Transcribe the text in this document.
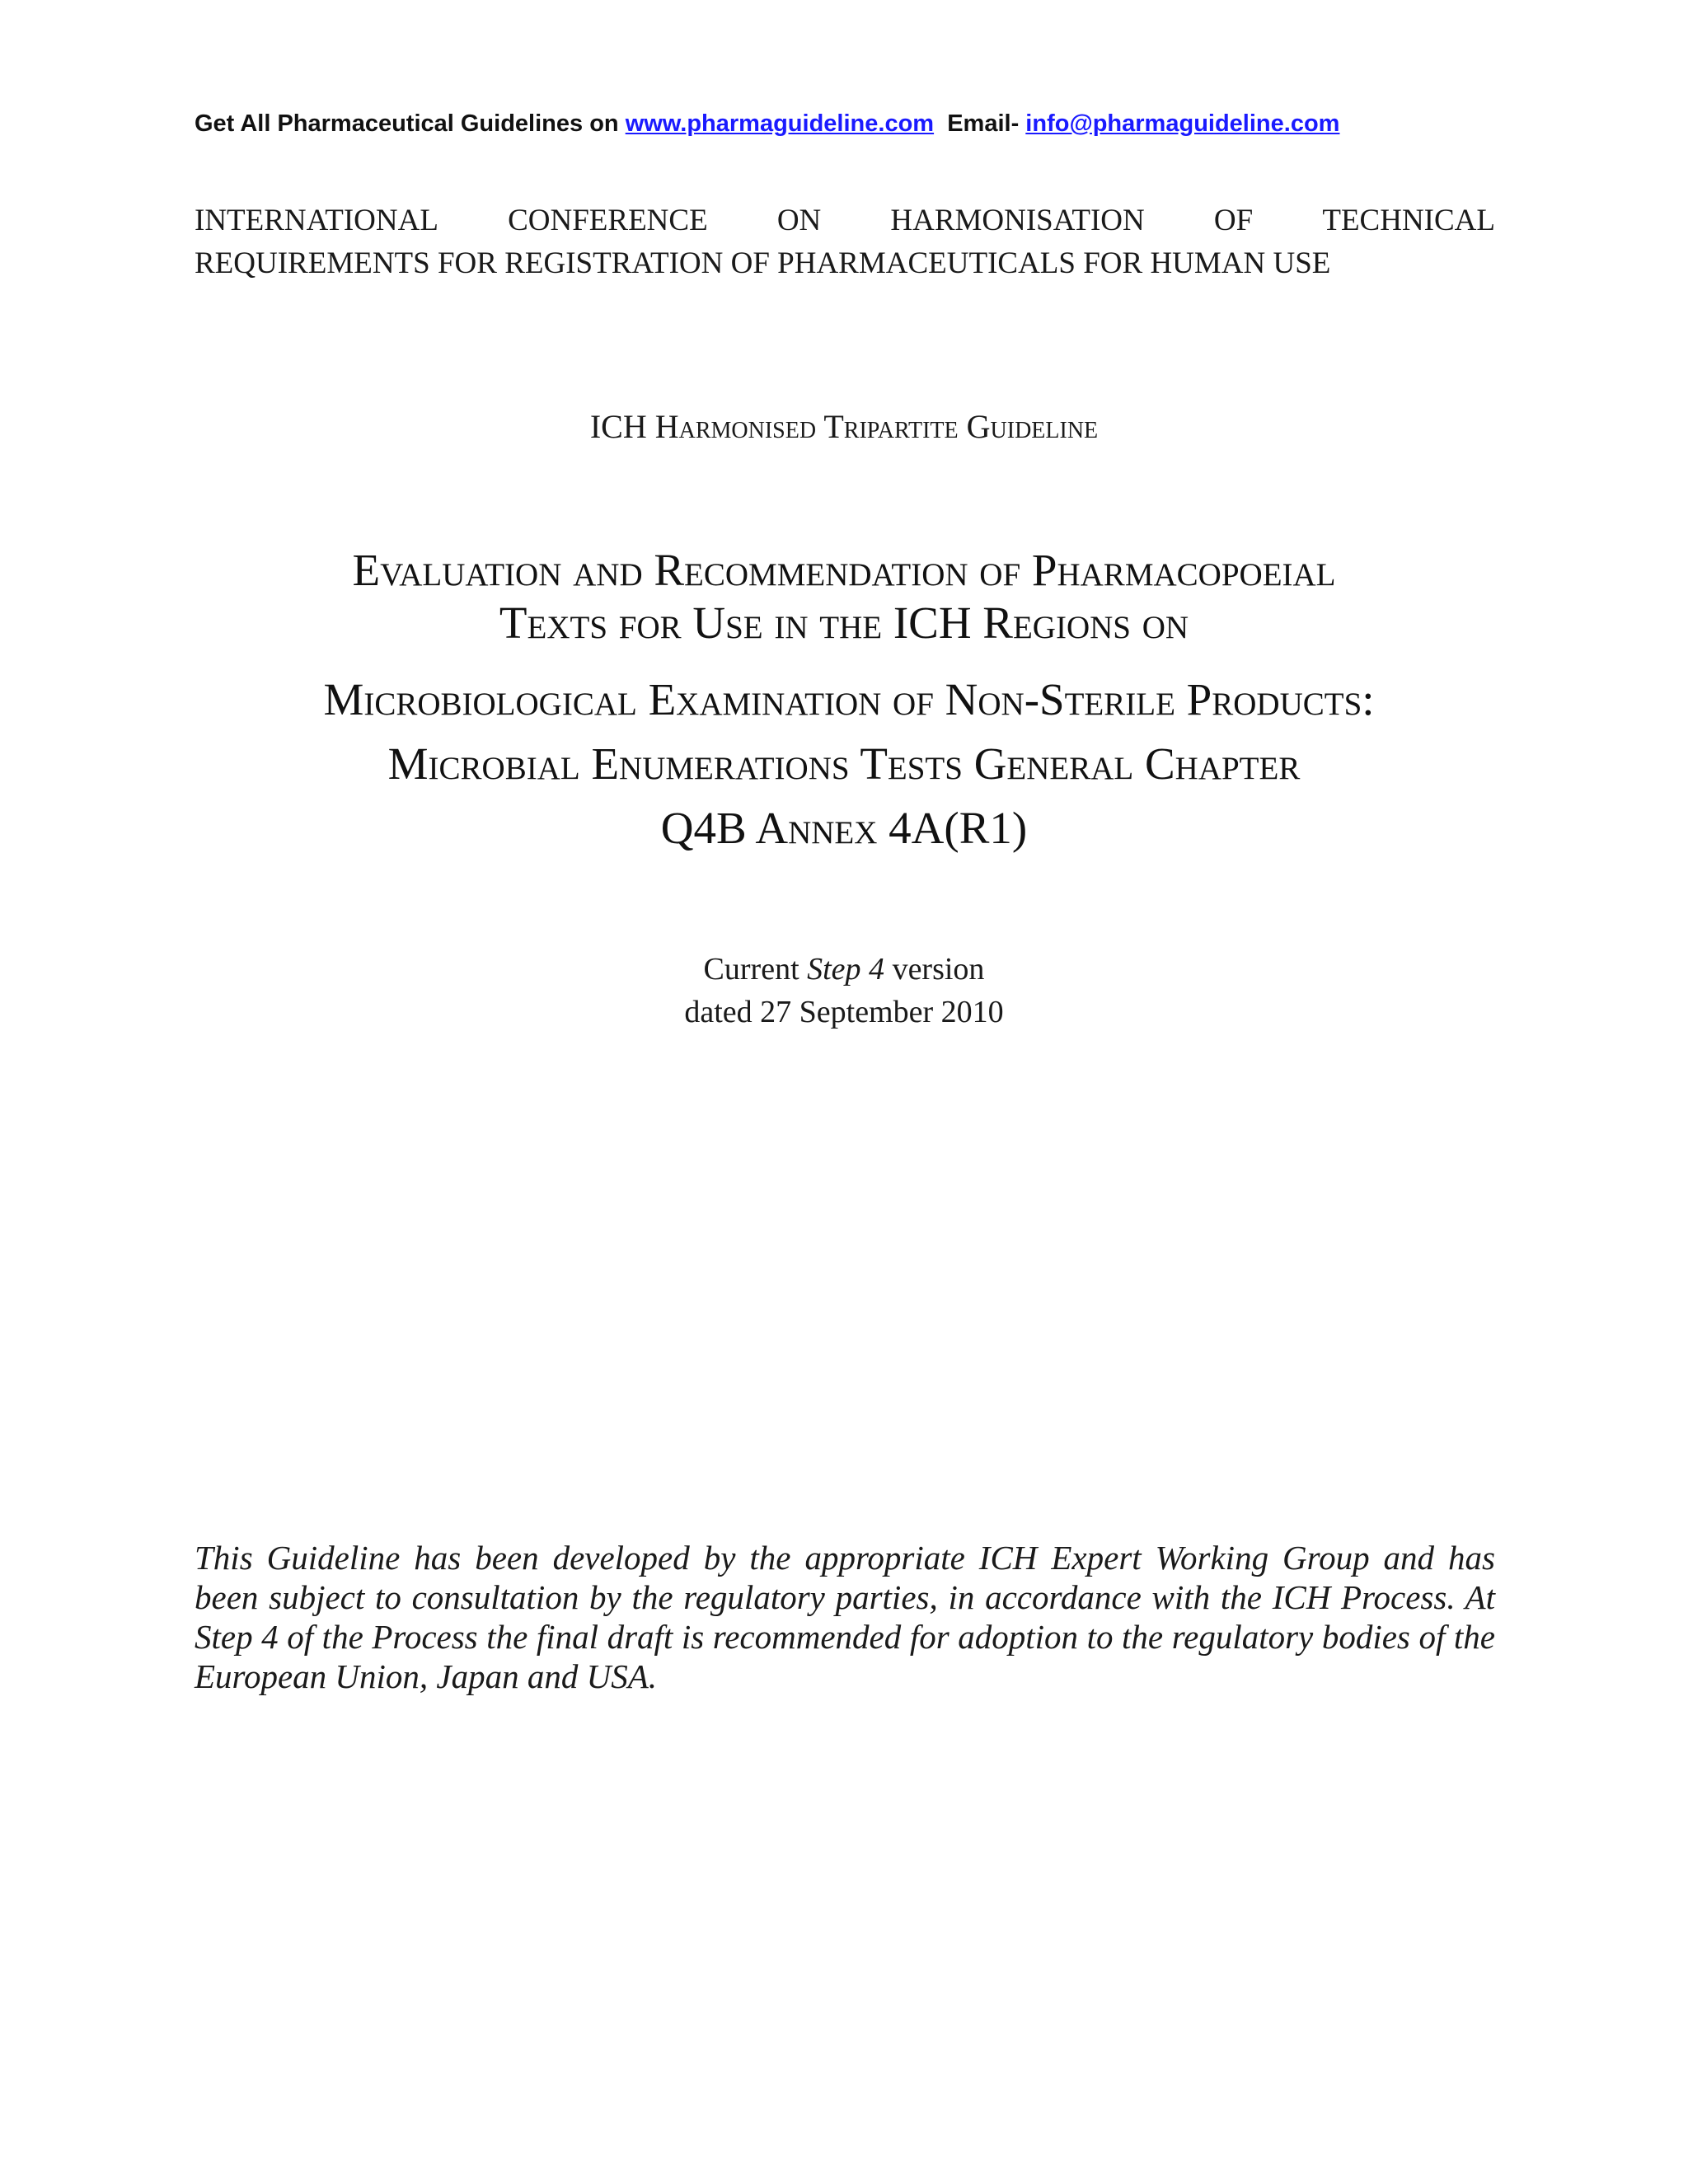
Get All Pharmaceutical Guidelines on www.pharmaguideline.com Email- info@pharmaguideline.com
INTERNATIONAL CONFERENCE ON HARMONISATION OF TECHNICAL
REQUIREMENTS FOR REGISTRATION OF PHARMACEUTICALS FOR HUMAN USE
ICH Harmonised Tripartite Guideline
Evaluation and Recommendation of Pharmacopoeial
Texts for Use in the ICH Regions on
Microbiological Examination of Non-Sterile Products:
Microbial Enumerations Tests General Chapter
Q4B Annex 4A(R1)
Current Step 4 version
dated 27 September 2010
This Guideline has been developed by the appropriate ICH Expert Working Group and has been subject to consultation by the regulatory parties, in accordance with the ICH Process. At Step 4 of the Process the final draft is recommended for adoption to the regulatory bodies of the European Union, Japan and USA.
